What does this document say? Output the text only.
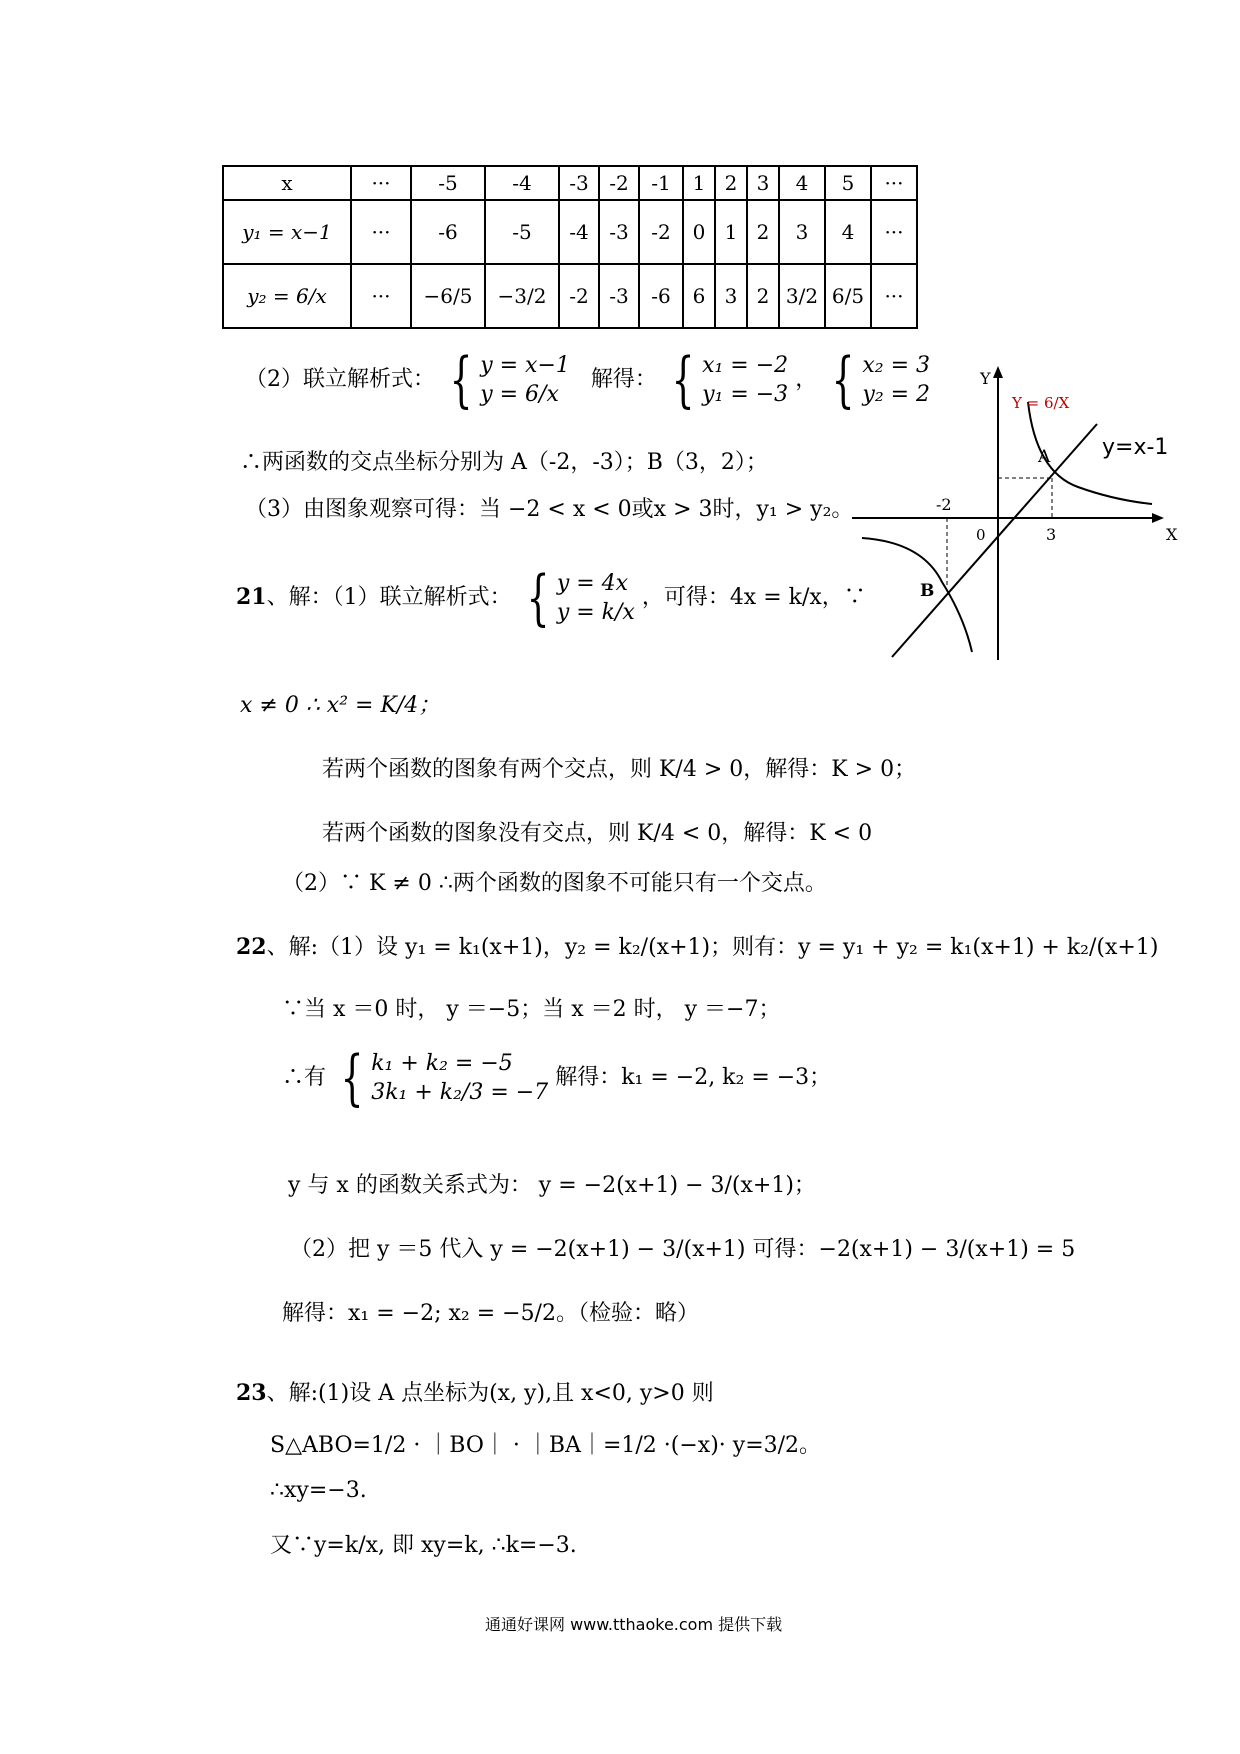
x	···	-5	-4	-3	-2	-1	1	2	3	4	5	···
y₁ = x−1	···	-6	-5	-4	-3	-2	0	1	2	3	4	···
y₂ = 6/x	···	−6/5	−3/2	-2	-3	-6	6	3	2	3/2	6/5	···
（2）联立解析式： { y = x−1
y = 6/x
解得： { x₁ = −2
y₁ = −3
， { x₂ = 3
y₂ = 2
∴两函数的交点坐标分别为 A（-2，-3）；B（3，2）；
（3）由图象观察可得：当 −2 < x < 0或x > 3时，y₁ > y₂。
Y
X
Y = 6/X
y=x-1
A
B
0
-2
3
21、解：（1）联立解析式： { y = 4x
y = k/x
，可得：4x = k/x，∵
x ≠ 0 ∴ x² = K/4；
若两个函数的图象有两个交点，则 K/4 > 0，解得：K > 0；
若两个函数的图象没有交点，则 K/4 < 0，解得：K < 0
（2）∵ K ≠ 0 ∴两个函数的图象不可能只有一个交点。
22、解:（1）设 y₁ = k₁(x+1)，y₂ = k₂/(x+1)；则有：y = y₁ + y₂ = k₁(x+1) + k₂/(x+1)
∵当 x ＝0 时， y ＝−5；当 x ＝2 时， y ＝−7；
∴有 { k₁ + k₂ = −5
3k₁ + k₂/3 = −7
解得：k₁ = −2, k₂ = −3；
y 与 x 的函数关系式为： y = −2(x+1) − 3/(x+1)；
（2）把 y ＝5 代入 y = −2(x+1) − 3/(x+1) 可得：−2(x+1) − 3/(x+1) = 5
解得：x₁ = −2; x₂ = −5/2。（检验：略）
23、解:(1)设 A 点坐标为(x, y),且 x<0, y>0 则
S△ABO=1/2 · ｜BO｜ · ｜BA｜=1/2 ·(−x)· y=3/2。
∴xy=−3.
又∵y=k/x, 即 xy=k, ∴k=−3.
通通好课网 www.tthaoke.com 提供下载
